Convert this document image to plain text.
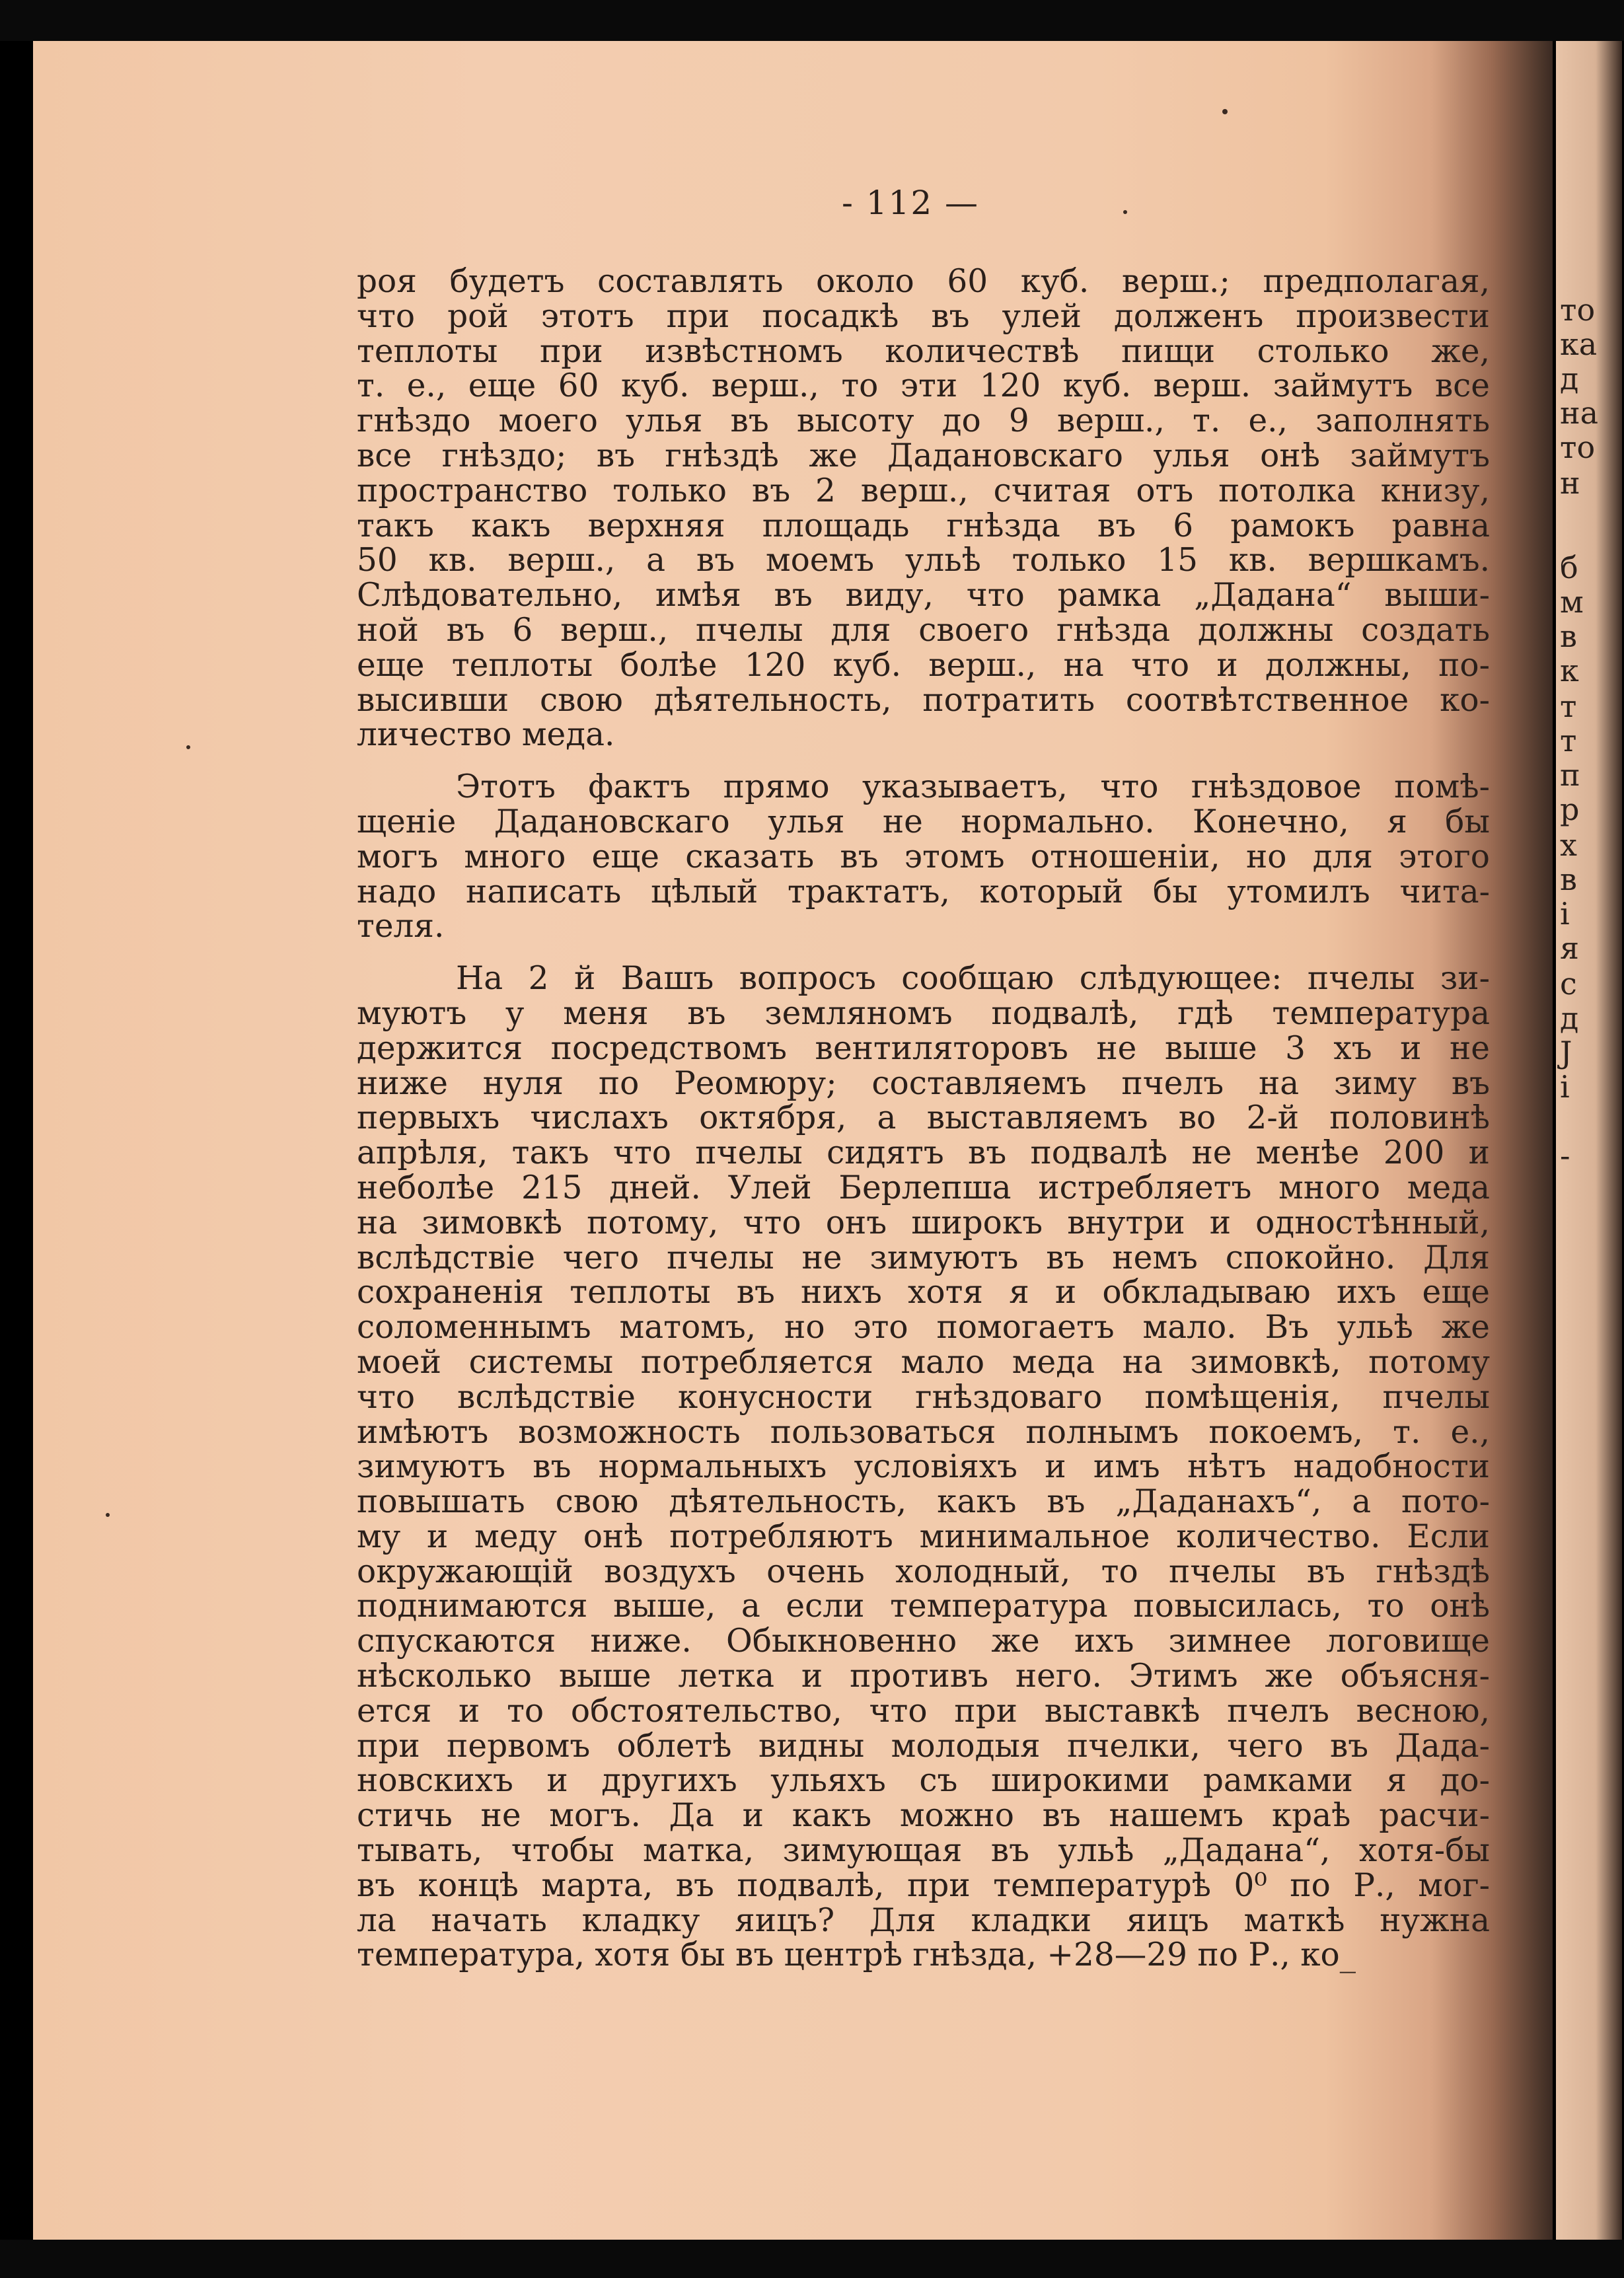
то
ка
д
на
то
н
б
м
в
к
т
т
п
р
х
в
і
я
с
д
J
і
-
- 112 —

роя будетъ составлять около 60 куб. верш.; предполагая,
что рой этотъ при посадкѣ въ улей долженъ произвести
теплоты при извѣстномъ количествѣ пищи столько же,
т. е., еще 60 куб. верш., то эти 120 куб. верш. займутъ все
гнѣздо моего улья въ высоту до 9 верш., т. е., заполнять
все гнѣздо; въ гнѣздѣ же Дадановскаго улья онѣ займутъ
пространство только въ 2 верш., считая отъ потолка книзу,
такъ какъ верхняя площадь гнѣзда въ 6 рамокъ равна
50 кв. верш., а въ моемъ ульѣ только 15 кв. вершкамъ.
Слѣдовательно, имѣя въ виду, что рамка „Дадана“ выши-
ной въ 6 верш., пчелы для своего гнѣзда должны создать
еще теплоты болѣе 120 куб. верш., на что и должны, по-
высивши свою дѣятельность, потратить соотвѣтственное ко-
личество меда.

Этотъ фактъ прямо указываетъ, что гнѣздовое помѣ-
щеніе Дадановскаго улья не нормально. Конечно, я бы
могъ много еще сказать въ этомъ отношеніи, но для этого
надо написать цѣлый трактатъ, который бы утомилъ чита-
теля.

На 2 й Вашъ вопросъ сообщаю слѣдующее: пчелы зи-
муютъ у меня въ земляномъ подвалѣ, гдѣ температура
держится посредствомъ вентиляторовъ не выше 3 хъ и не
ниже нуля по Реомюру; составляемъ пчелъ на зиму въ
первыхъ числахъ октября, а выставляемъ во 2-й половинѣ
апрѣля, такъ что пчелы сидятъ въ подвалѣ не менѣе 200 и
неболѣе 215 дней. Улей Берлепша истребляетъ много меда
на зимовкѣ потому, что онъ широкъ внутри и одностѣнный,
вслѣдствіе чего пчелы не зимуютъ въ немъ спокойно. Для
сохраненія теплоты въ нихъ хотя я и обкладываю ихъ еще
соломеннымъ матомъ, но это помогаетъ мало. Въ ульѣ же
моей системы потребляется мало меда на зимовкѣ, потому
что вслѣдствіе конусности гнѣздоваго помѣщенія, пчелы
имѣютъ возможность пользоваться полнымъ покоемъ, т. е.,
зимуютъ въ нормальныхъ условіяхъ и имъ нѣтъ надобности
повышать свою дѣятельность, какъ въ „Даданахъ“, а пото-
му и меду онѣ потребляютъ минимальное количество. Если
окружающій воздухъ очень холодный, то пчелы въ гнѣздѣ
поднимаются выше, а если температура повысилась, то онѣ
спускаются ниже. Обыкновенно же ихъ зимнее логовище
нѣсколько выше летка и противъ него. Этимъ же объясня-
ется и то обстоятельство, что при выставкѣ пчелъ весною,
при первомъ облетѣ видны молодыя пчелки, чего въ Дада-
новскихъ и другихъ ульяхъ съ широкими рамками я до-
стичь не могъ. Да и какъ можно въ нашемъ краѣ расчи-
тывать, чтобы матка, зимующая въ ульѣ „Дадана“, хотя-бы
въ концѣ марта, въ подвалѣ, при температурѣ 0⁰ по Р., мог-
ла начать кладку яицъ? Для кладки яицъ маткѣ нужна
температура, хотя бы въ центрѣ гнѣзда, +28—29 по Р., ко_
